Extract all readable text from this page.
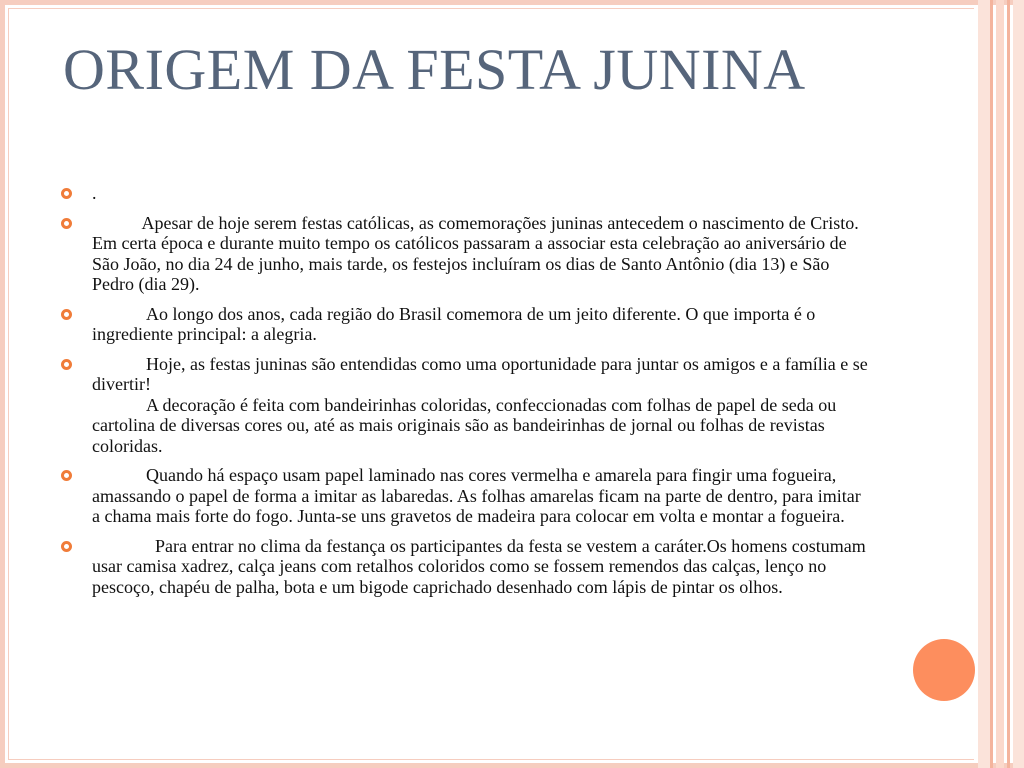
ORIGEM DA FESTA JUNINA
.
Apesar de hoje serem festas católicas, as comemorações juninas antecedem o nascimento de Cristo. Em certa época e durante muito tempo os católicos passaram a associar esta celebração ao aniversário de São João, no dia 24 de junho, mais tarde, os festejos incluíram os dias de Santo Antônio (dia 13) e São Pedro (dia 29).
Ao longo dos anos, cada região do Brasil comemora de um jeito diferente. O que importa é o ingrediente principal: a alegria.
Hoje, as festas juninas são entendidas como uma oportunidade para juntar os amigos e a família e se divertir!
A decoração é feita com bandeirinhas coloridas, confeccionadas com folhas de papel de seda ou cartolina de diversas cores ou, até as mais originais são as bandeirinhas de jornal ou folhas de revistas coloridas.
Quando há espaço usam papel laminado nas cores vermelha e amarela para fingir uma fogueira, amassando o papel de forma a imitar as labaredas. As folhas amarelas ficam na parte de dentro, para imitar a chama mais forte do fogo. Junta-se uns gravetos de madeira para colocar em volta e montar a fogueira.
Para entrar no clima da festança os participantes da festa se vestem a caráter.Os homens costumam usar camisa xadrez, calça jeans com retalhos coloridos como se fossem remendos das calças, lenço no pescoço, chapéu de palha, bota e um bigode caprichado desenhado com lápis de pintar os olhos.
